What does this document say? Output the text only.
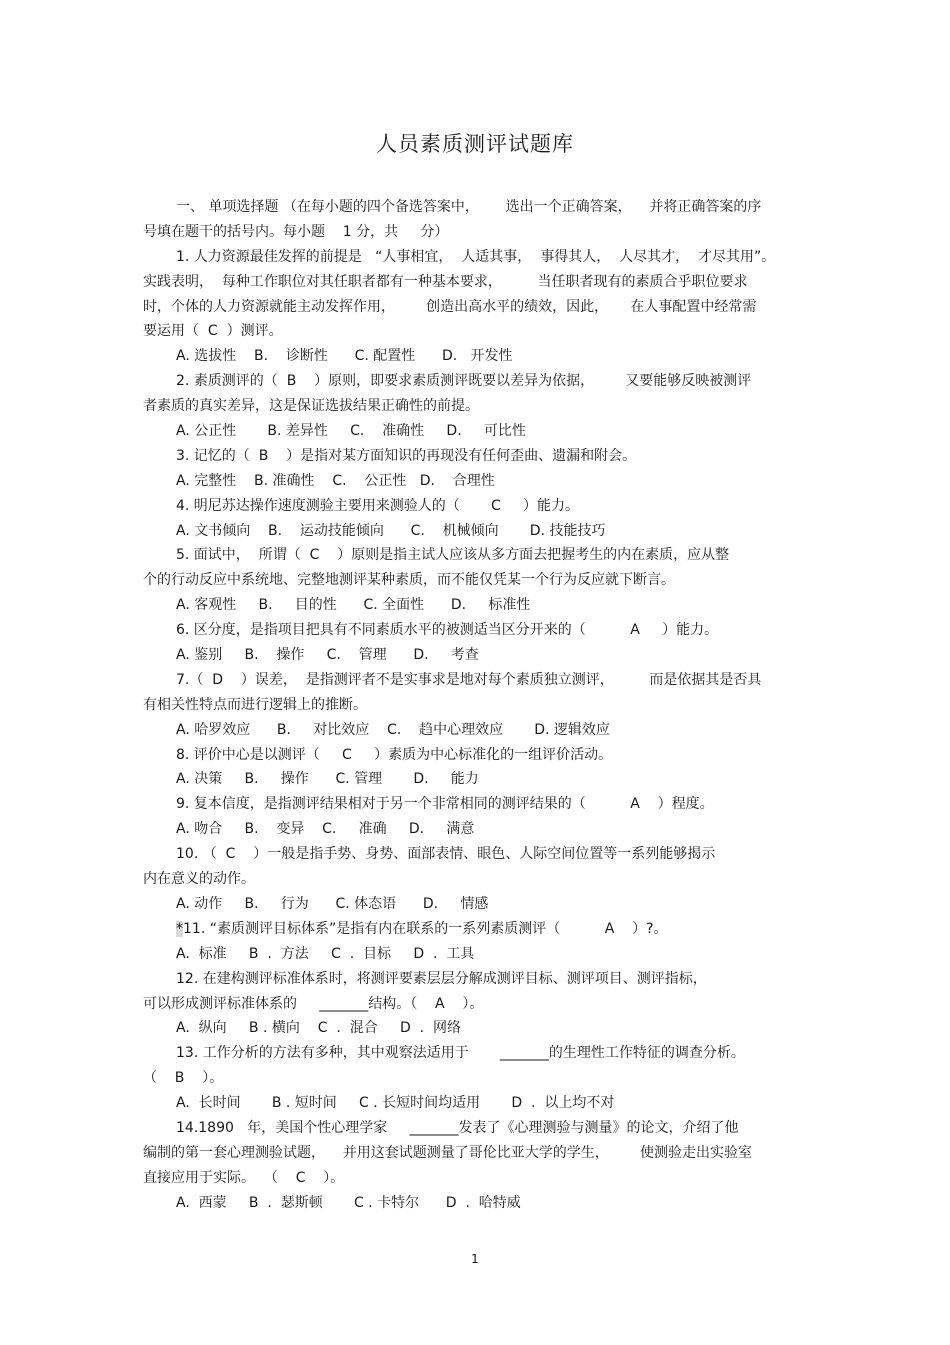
人员素质测评试题库
一、 单项选择题 （在每小题的四个备选答案中，      选出一个正确答案，    并将正确答案的序
号填在题干的括号内。每小题    1 分，共     分）
1. 人力资源最佳发挥的前提是   “人事相宜，  人适其事，  事得其人，  人尽其才，  才尽其用”。
实践表明，  每种工作职位对其任职者都有一种基本要求，        当任职者现有的素质合乎职位要求
时，个体的人力资源就能主动发挥作用，       创造出高水平的绩效，因此，     在人事配置中经常需
要运用（  C  ）测评。
A. 选拔性    B.    诊断性      C. 配置性      D.   开发性
2. 素质测评的（  B    ）原则，即要求素质测评既要以差异为依据，       又要能够反映被测评
者素质的真实差异，这是保证选拔结果正确性的前提。
A. 公正性       B. 差异性     C.    准确性     D.     可比性
3. 记忆的（  B    ）是指对某方面知识的再现没有任何歪曲、遗漏和附会。
A. 完整性    B. 准确性    C.    公正性   D.    合理性
4. 明尼苏达操作速度测验主要用来测验人的（       C     ）能力。
A. 文书倾向    B.    运动技能倾向      C.    机械倾向       D. 技能技巧
5. 面试中，  所谓（  C    ）原则是指主试人应该从多方面去把握考生的内在素质，应从整
个的行动反应中系统地、完整地测评某种素质，而不能仅凭某一个行为反应就下断言。
A. 客观性     B.     目的性      C. 全面性      D.     标准性
6. 区分度，是指项目把具有不同素质水平的被测适当区分开来的（          A     ）能力。
A. 鉴别     B.    操作     C.    管理      D.     考查
7.（  D    ）误差，  是指测评者不是实事求是地对每个素质独立测评，        而是依据其是否具
有相关性特点而进行逻辑上的推断。
A. 哈罗效应      B.     对比效应    C.    趋中心理效应       D. 逻辑效应
8. 评价中心是以测评（     C     ）素质为中心标准化的一组评价活动。
A. 决策     B.     操作      C. 管理       D.     能力
9. 复本信度，是指测评结果相对于另一个非常相同的测评结果的（          A    ）程度。
A. 吻合     B.    变异    C.     准确     D.     满意
10. （  C    ）一般是指手势、身势、面部表情、眼色、人际空间位置等一系列能够揭示
内在意义的动作。
A. 动作     B.     行为      C. 体态语      D.     情感
*11. “素质测评目标体系”是指有内在联系的一系列素质测评（          A    ）?。
A.  标准     B  .  方法     C  .  目标     D  .  工具
12. 在建构测评标准体系时，将测评要素层层分解成测评目标、测评项目、测评指标，
可以形成测评标准体系的     _______结构。（    A    ）。
A.  纵向     B . 横向    C  .  混合     D  .  网络
13. 工作分析的方法有多种，其中观察法适用于       _______的生理性工作特征的调查分析。
（    B    ）。
A.  长时间       B . 短时间     C . 长短时间均适用       D  .  以上均不对
14.1890   年，美国个性心理学家     _______发表了《心理测验与测量》的论文，介绍了他
编制的第一套心理测验试题，    并用这套试题测量了哥伦比亚大学的学生，       使测验走出实验室
直接应用于实际。  （    C    ）。
A.  西蒙     B  .  瑟斯顿       C . 卡特尔      D  .  哈特威
1
